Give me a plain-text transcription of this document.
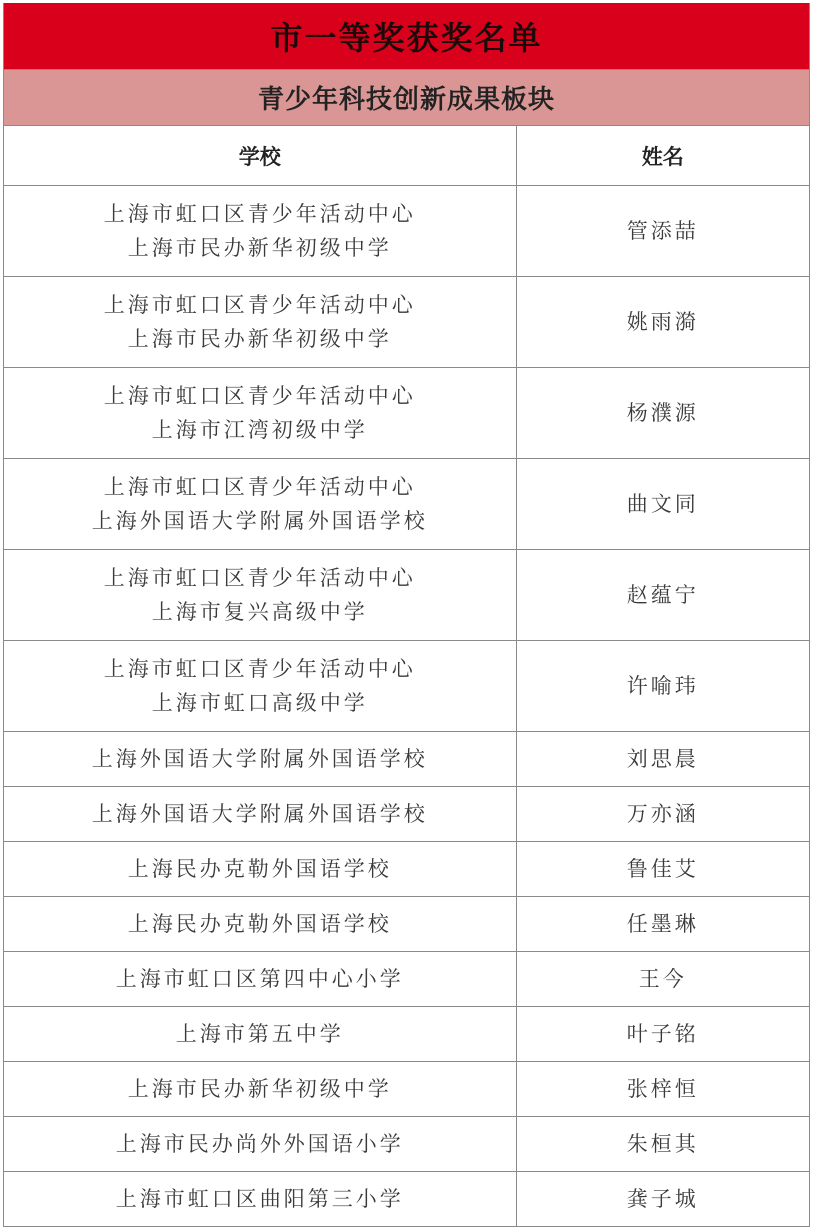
市一等奖获奖名单
青少年科技创新成果板块
学校	姓名

上海市虹口区青少年活动中心
上海市民办新华初级中学	管添喆

上海市虹口区青少年活动中心
上海市民办新华初级中学	姚雨漪

上海市虹口区青少年活动中心
上海市江湾初级中学	杨濮源

上海市虹口区青少年活动中心
上海外国语大学附属外国语学校	曲文同

上海市虹口区青少年活动中心
上海市复兴高级中学	赵蕴宁

上海市虹口区青少年活动中心
上海市虹口高级中学	许喻玮

上海外国语大学附属外国语学校	刘思晨

上海外国语大学附属外国语学校	万亦涵

上海民办克勒外国语学校	鲁佳艾

上海民办克勒外国语学校	任墨琳

上海市虹口区第四中心小学	王今

上海市第五中学	叶子铭

上海市民办新华初级中学	张梓恒

上海市民办尚外外国语小学	朱桓其

上海市虹口区曲阳第三小学	龚子城
